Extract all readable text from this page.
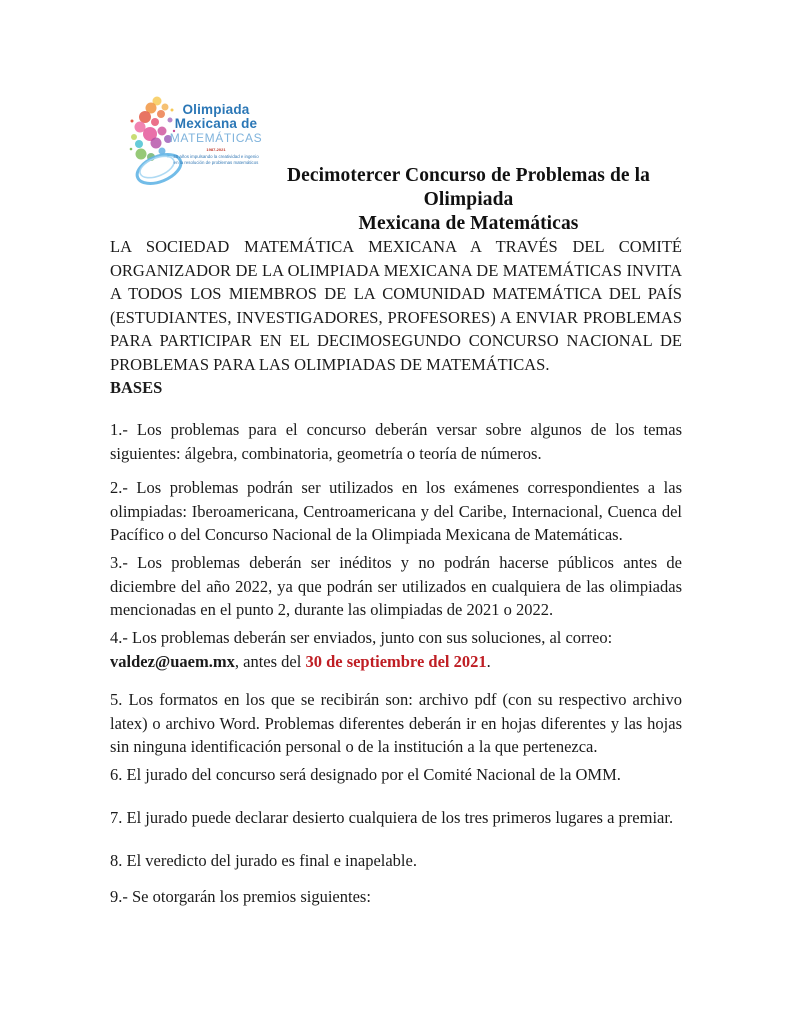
Olimpiada
Mexicana de
MATEMÁTICAS
1987-2021
35 años impulsando la creatividad e ingenio
en la resolución de problemas matemáticos
Decimotercer Concurso de Problemas de la Olimpiada
Mexicana de Matemáticas

LA SOCIEDAD MATEMÁTICA MEXICANA A TRAVÉS DEL COMITÉ ORGANIZADOR DE LA OLIMPIADA MEXICANA DE MATEMÁTICAS INVITA A TODOS LOS MIEMBROS DE LA COMUNIDAD MATEMÁTICA DEL PAÍS (ESTUDIANTES, INVESTIGADORES, PROFESORES) A ENVIAR PROBLEMAS PARA PARTICIPAR EN EL DECIMOSEGUNDO CONCURSO NACIONAL DE PROBLEMAS PARA LAS OLIMPIADAS DE MATEMÁTICAS.

BASES

1.- Los problemas para el concurso deberán versar sobre algunos de los temas siguientes: álgebra, combinatoria, geometría o teoría de números.

2.- Los problemas podrán ser utilizados en los exámenes correspondientes a las olimpiadas: Iberoamericana, Centroamericana y del Caribe, Internacional, Cuenca del Pacífico o del Concurso Nacional de la Olimpiada Mexicana de Matemáticas.

3.- Los problemas deberán ser inéditos y no podrán hacerse públicos antes de diciembre del año 2022, ya que podrán ser utilizados en cualquiera de las olimpiadas mencionadas en el punto 2, durante las olimpiadas de 2021 o 2022.

4.- Los problemas deberán ser enviados, junto con sus soluciones, al correo:
valdez@uaem.mx, antes del 30 de septiembre del 2021.

5. Los formatos en los que se recibirán son: archivo pdf (con su respectivo archivo latex) o archivo Word. Problemas diferentes deberán ir en hojas diferentes y las hojas sin ninguna identificación personal o de la institución a la que pertenezca.

6. El jurado del concurso será designado por el Comité Nacional de la OMM.

7. El jurado puede declarar desierto cualquiera de los tres primeros lugares a premiar.

8. El veredicto del jurado es final e inapelable.

9.- Se otorgarán los premios siguientes:
